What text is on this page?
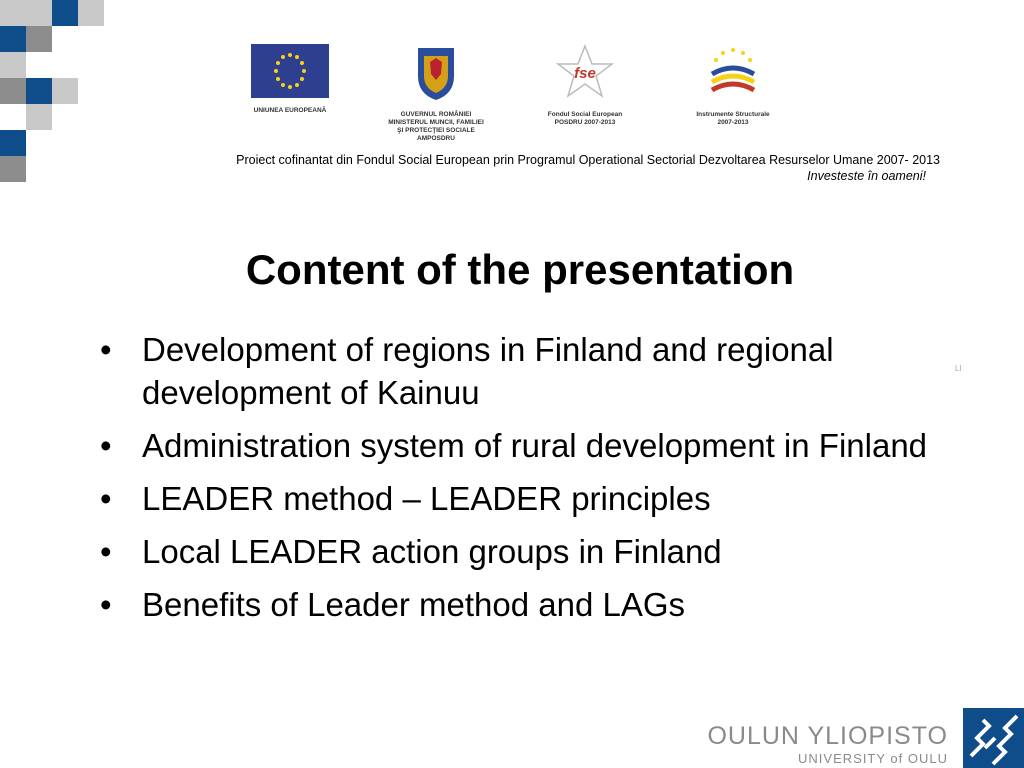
UNIUNEA EUROPEANĂ
GUVERNUL ROMÂNIEI
MINISTERUL MUNCII, FAMILIEI
ŞI PROTECŢIEI SOCIALE
AMPOSDRU
fse
Fondul Social European
POSDRU 2007-2013
Instrumente Structurale
2007-2013
Proiect cofinantat din Fondul Social European prin Programul Operational Sectorial Dezvoltarea Resurselor Umane 2007- 2013
Investeste în oameni!
Content of the presentation
• Development of regions in Finland and regional development of Kainuu
• Administration system of rural development in Finland
• LEADER method – LEADER principles
• Local LEADER action groups in Finland
• Benefits of Leader method and LAGs
LI
OULUN YLIOPISTO
UNIVERSITY of OULU
